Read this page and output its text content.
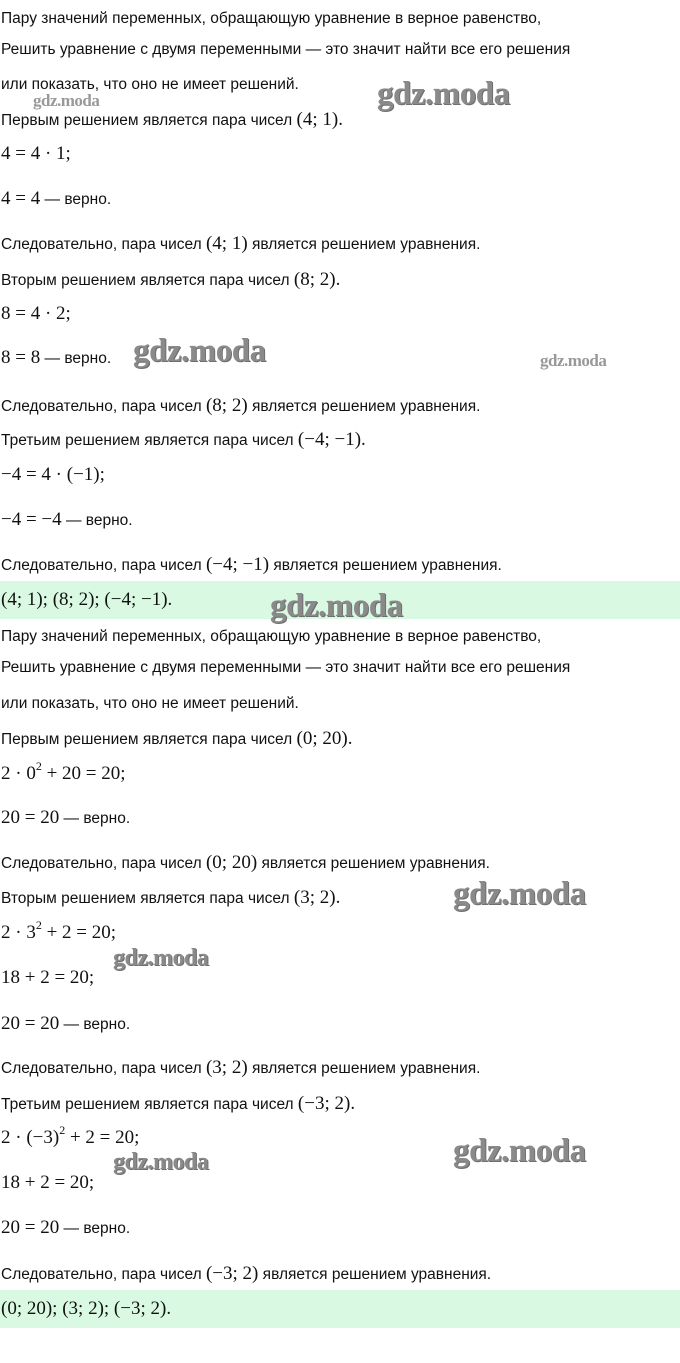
Пару значений переменных, обращающую уравнение в верное равенство,
Решить уравнение с двумя переменными — это значит найти все его решения
или показать, что оно не имеет решений.
Первым решением является пара чисел (4; 1).
4 = 4 · 1;
4 = 4 — верно.
Следовательно, пара чисел (4; 1) является решением уравнения.
Вторым решением является пара чисел (8; 2).
8 = 4 · 2;
8 = 8 — верно.
Следовательно, пара чисел (8; 2) является решением уравнения.
Третьим решением является пара чисел (−4; −1).
−4 = 4 · (−1);
−4 = −4 — верно.
Следовательно, пара чисел (−4; −1) является решением уравнения.
(4; 1); (8; 2); (−4; −1).
Пару значений переменных, обращающую уравнение в верное равенство,
Решить уравнение с двумя переменными — это значит найти все его решения
или показать, что оно не имеет решений.
Первым решением является пара чисел (0; 20).
$2 \cdot 0^2 + 20 = 20$;
20 = 20 — верно.
Следовательно, пара чисел (0; 20) является решением уравнения.
Вторым решением является пара чисел (3; 2).
$2 \cdot 3^2 + 2 = 20$;
18 + 2 = 20;
20 = 20 — верно.
Следовательно, пара чисел (3; 2) является решением уравнения.
Третьим решением является пара чисел (−3; 2).
$2 \cdot (-3)^2 + 2 = 20$;
18 + 2 = 20;
20 = 20 — верно.
Следовательно, пара чисел (−3; 2) является решением уравнения.
(0; 20); (3; 2); (−3; 2).
gdz.moda	gdz.moda
gdz.moda	gdz.moda
gdz.moda
gdz.moda
gdz.moda
gdz.moda
gdz.moda
